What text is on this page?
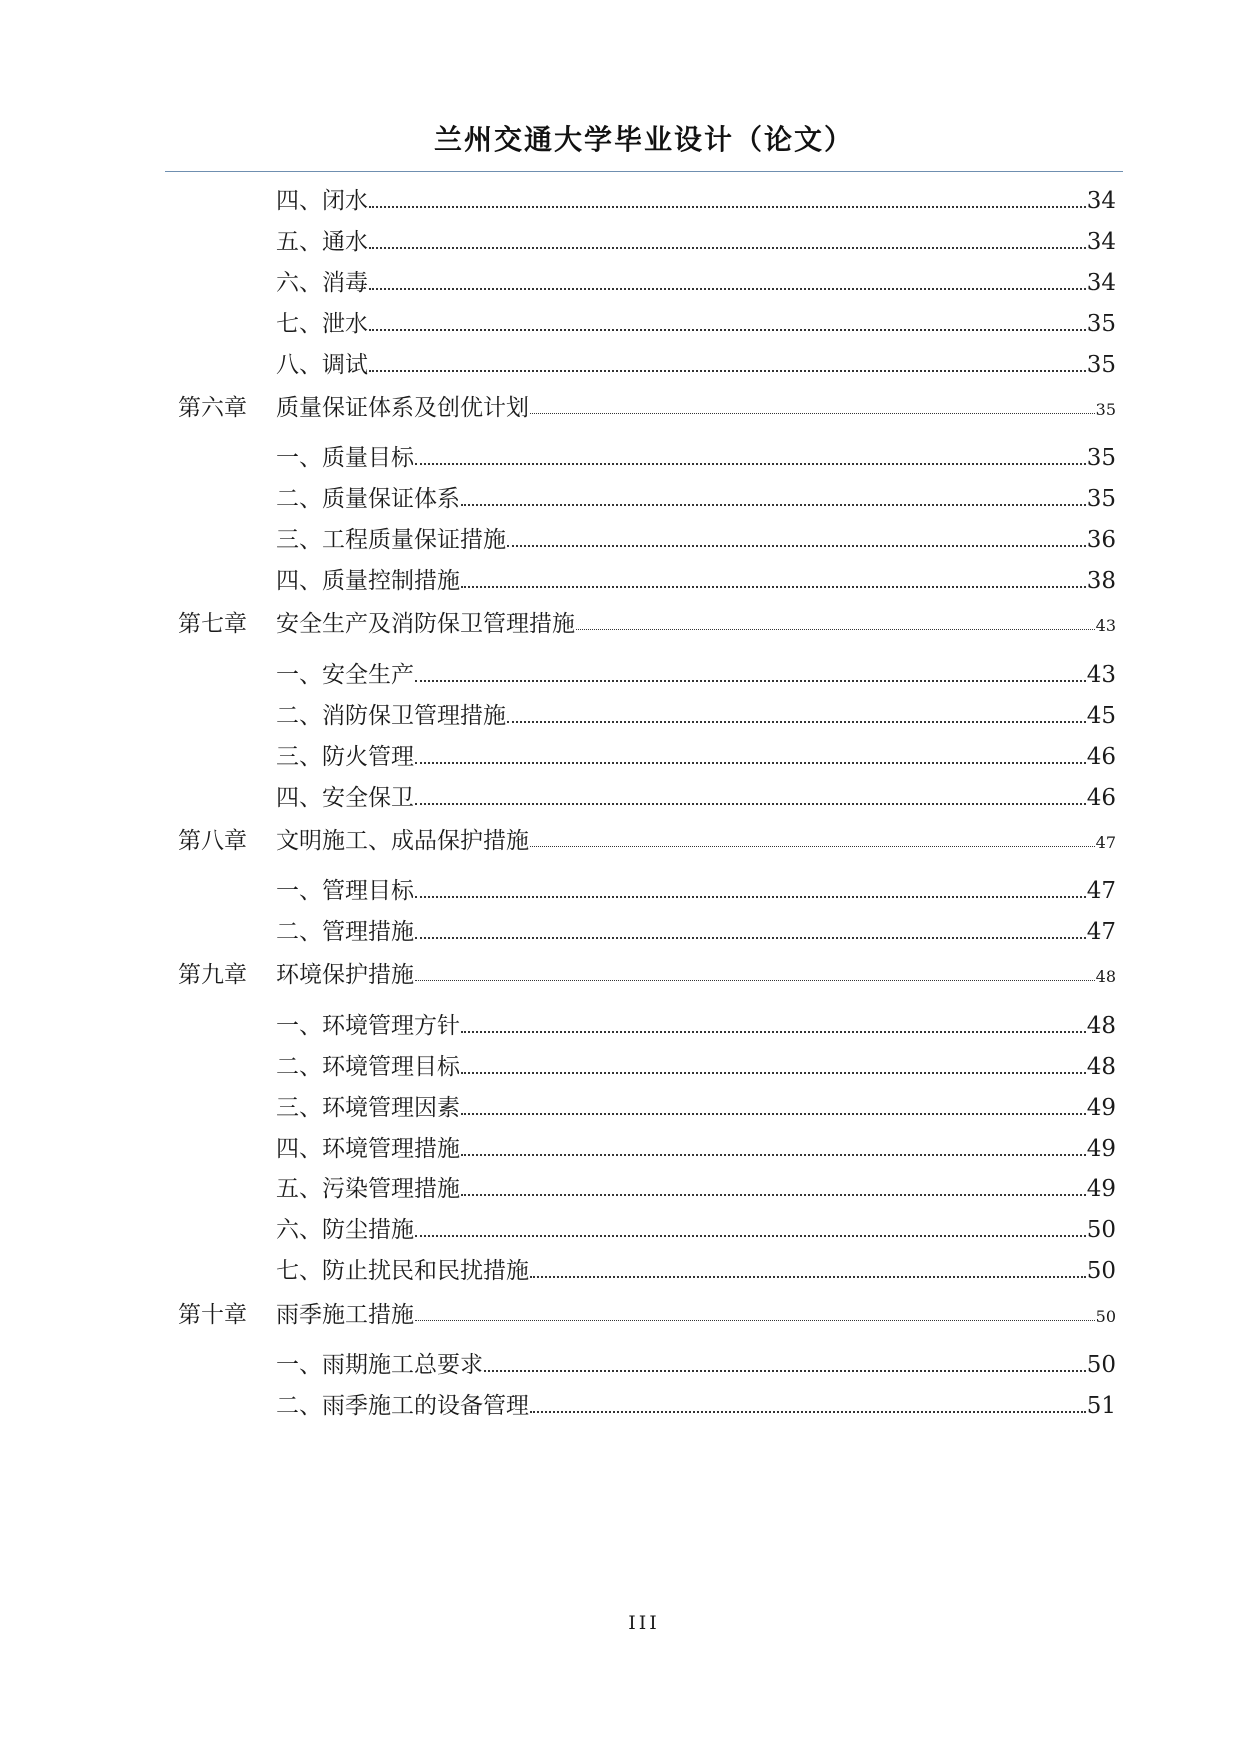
兰州交通大学毕业设计（论文）
四、 闭水	34
五、 通水	34
六、 消毒	34
七、 泄水	35
八、 调试	35
第六章	质量保证体系及创优计划	35
一、 质量目标	35
二、 质量保证体系	35
三、 工程质量保证措施	36
四、 质量控制措施	38
第七章	安全生产及消防保卫管理措施	43
一、 安全生产	43
二、 消防保卫管理措施	45
三、 防火管理	46
四、 安全保卫	46
第八章	文明施工、成品保护措施	47
一、 管理目标	47
二、 管理措施	47
第九章	环境保护措施	48
一、 环境管理方针	48
二、 环境管理目标	48
三、 环境管理因素	49
四、 环境管理措施	49
五、 污染管理措施	49
六、 防尘措施	50
七、 防止扰民和民扰措施	50
第十章	雨季施工措施	50
一、 雨期施工总要求	50
二、 雨季施工的设备管理	51
III
